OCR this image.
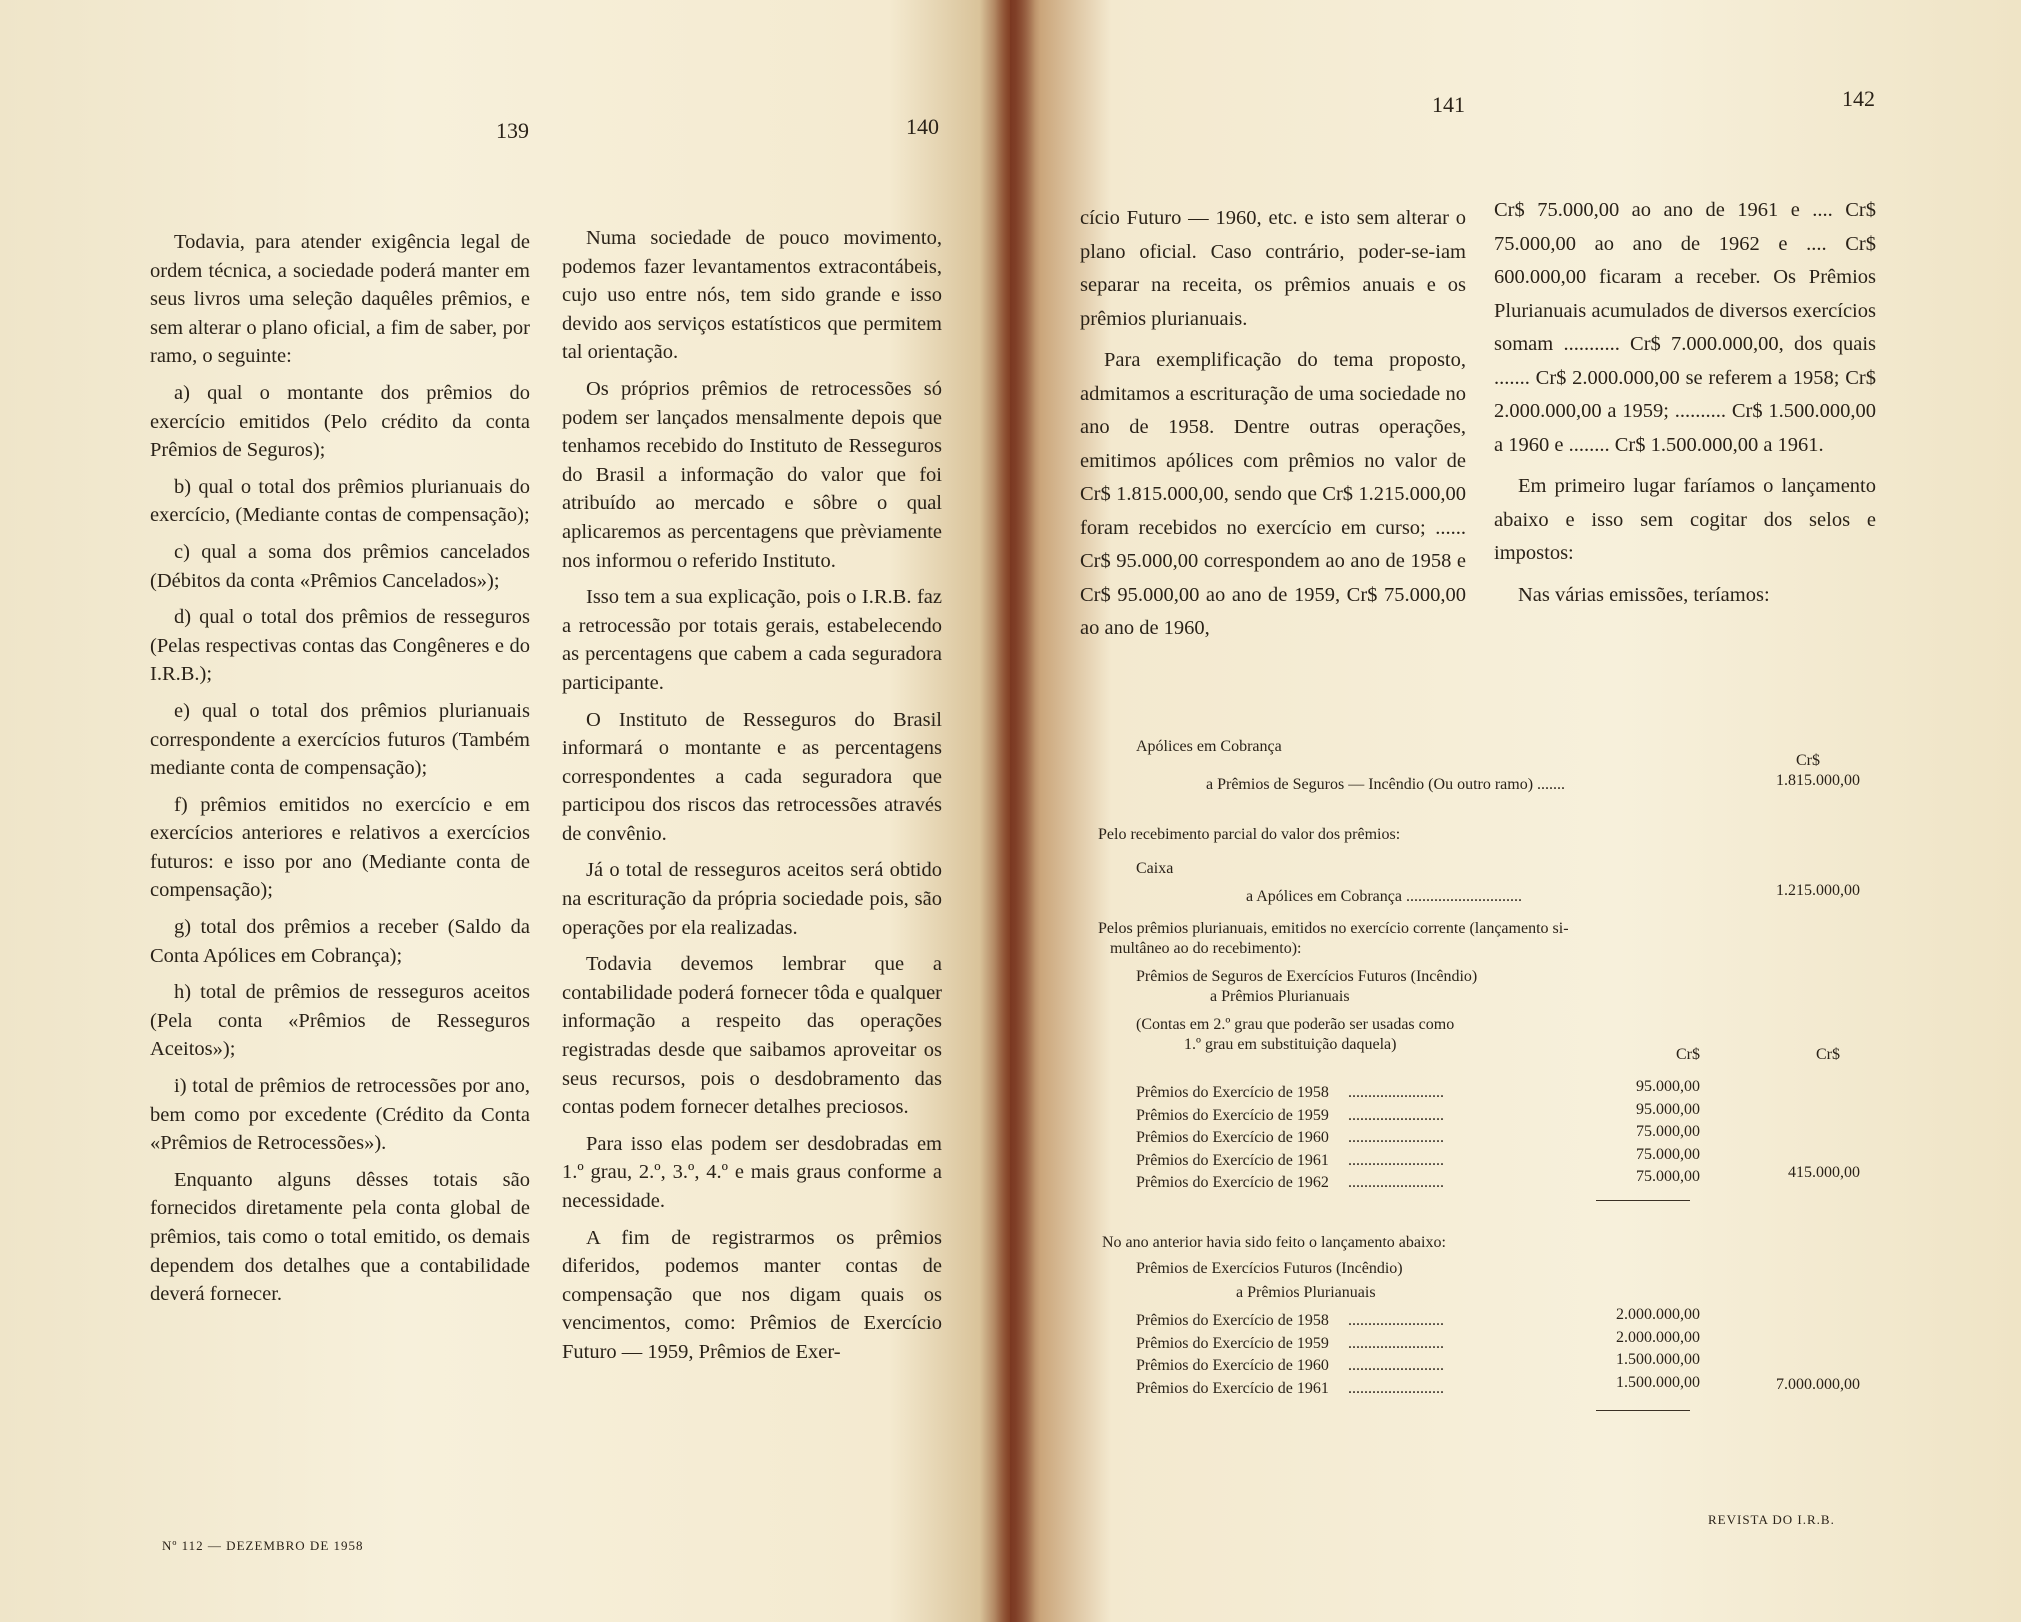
139	140
141	142

Todavia, para atender exigência legal de ordem técnica, a sociedade poderá manter em seus livros uma seleção daquêles prêmios, e sem alterar o plano oficial, a fim de saber, por ramo, o seguinte:

a) qual o montante dos prêmios do exercício emitidos (Pelo crédito da conta Prêmios de Seguros);

b) qual o total dos prêmios plurianuais do exercício, (Mediante contas de compensação);

c) qual a soma dos prêmios cancelados (Débitos da conta «Prêmios Cancelados»);

d) qual o total dos prêmios de resseguros (Pelas respectivas contas das Congêneres e do I.R.B.);

e) qual o total dos prêmios plurianuais correspondente a exercícios futuros (Também mediante conta de compensação);

f) prêmios emitidos no exercício e em exercícios anteriores e relativos a exercícios futuros: e isso por ano (Mediante conta de compensação);

g) total dos prêmios a receber (Saldo da Conta Apólices em Cobrança);

h) total de prêmios de resseguros aceitos (Pela conta «Prêmios de Resseguros Aceitos»);

i) total de prêmios de retrocessões por ano, bem como por excedente (Crédito da Conta «Prêmios de Retrocessões»).

Enquanto alguns dêsses totais são fornecidos diretamente pela conta global de prêmios, tais como o total emitido, os demais dependem dos detalhes que a contabilidade deverá fornecer.

Nº 112 — DEZEMBRO DE 1958

Numa sociedade de pouco movimento, podemos fazer levantamentos extracontábeis, cujo uso entre nós, tem sido grande e isso devido aos serviços estatísticos que permitem tal orientação.

Os próprios prêmios de retrocessões só podem ser lançados mensalmente depois que tenhamos recebido do Instituto de Resseguros do Brasil a informação do valor que foi atribuído ao mercado e sôbre o qual aplicaremos as percentagens que prèviamente nos informou o referido Instituto.

Isso tem a sua explicação, pois o I.R.B. faz a retrocessão por totais gerais, estabelecendo as percentagens que cabem a cada seguradora participante.

O Instituto de Resseguros do Brasil informará o montante e as percentagens correspondentes a cada seguradora que participou dos riscos das retrocessões através de convênio.

Já o total de resseguros aceitos será obtido na escrituração da própria sociedade pois, são operações por ela realizadas.

Todavia devemos lembrar que a contabilidade poderá fornecer tôda e qualquer informação a respeito das operações registradas desde que saibamos aproveitar os seus recursos, pois o desdobramento das contas podem fornecer detalhes preciosos.

Para isso elas podem ser desdobradas em 1.º grau, 2.º, 3.º, 4.º e mais graus conforme a necessidade.

A fim de registrarmos os prêmios diferidos, podemos manter contas de compensação que nos digam quais os vencimentos, como: Prêmios de Exercício Futuro — 1959, Prêmios de Exer-

cício Futuro — 1960, etc. e isto sem alterar o plano oficial. Caso contrário, poder-se-iam separar na receita, os prêmios anuais e os prêmios plurianuais.

Para exemplificação do tema proposto, admitamos a escrituração de uma sociedade no ano de 1958. Dentre outras operações, emitimos apólices com prêmios no valor de Cr$ 1.815.000,00, sendo que Cr$ 1.215.000,00 foram recebidos no exercício em curso; ...... Cr$ 95.000,00 correspondem ao ano de 1958 e Cr$ 95.000,00 ao ano de 1959, Cr$ 75.000,00 ao ano de 1960,

Cr$ 75.000,00 ao ano de 1961 e .... Cr$ 75.000,00 ao ano de 1962 e .... Cr$ 600.000,00 ficaram a receber. Os Prêmios Plurianuais acumulados de diversos exercícios somam ........... Cr$ 7.000.000,00, dos quais ....... Cr$ 2.000.000,00 se referem a 1958; Cr$ 2.000.000,00 a 1959; .......... Cr$ 1.500.000,00 a 1960 e ........ Cr$ 1.500.000,00 a 1961.

Em primeiro lugar faríamos o lançamento abaixo e isso sem cogitar dos selos e impostos:

Nas várias emissões, teríamos:

Apólices em Cobrança
Cr$
a Prêmios de Seguros — Incêndio (Ou outro ramo) .......	1.815.000,00
Pelo recebimento parcial do valor dos prêmios:
Caixa
a Apólices em Cobrança .............................	1.215.000,00
Pelos prêmios plurianuais, emitidos no exercício corrente (lançamento si-
multâneo ao do recebimento):
Prêmios de Seguros de Exercícios Futuros (Incêndio)
a Prêmios Plurianuais
(Contas em 2.º grau que poderão ser usadas como
1.º grau em substituição daquela)
Cr$	Cr$
Prêmios do Exercício de 1958 ........................	95.000,00
Prêmios do Exercício de 1959 ........................	95.000,00
Prêmios do Exercício de 1960 ........................	75.000,00
Prêmios do Exercício de 1961 ........................	75.000,00
Prêmios do Exercício de 1962 ........................	75.000,00	415.000,00
No ano anterior havia sido feito o lançamento abaixo:
Prêmios de Exercícios Futuros (Incêndio)
a Prêmios Plurianuais
Prêmios do Exercício de 1958 ........................	2.000.000,00
Prêmios do Exercício de 1959 ........................	2.000.000,00
Prêmios do Exercício de 1960 ........................	1.500.000,00
Prêmios do Exercício de 1961 ........................	1.500.000,00	7.000.000,00
REVISTA DO I.R.B.
